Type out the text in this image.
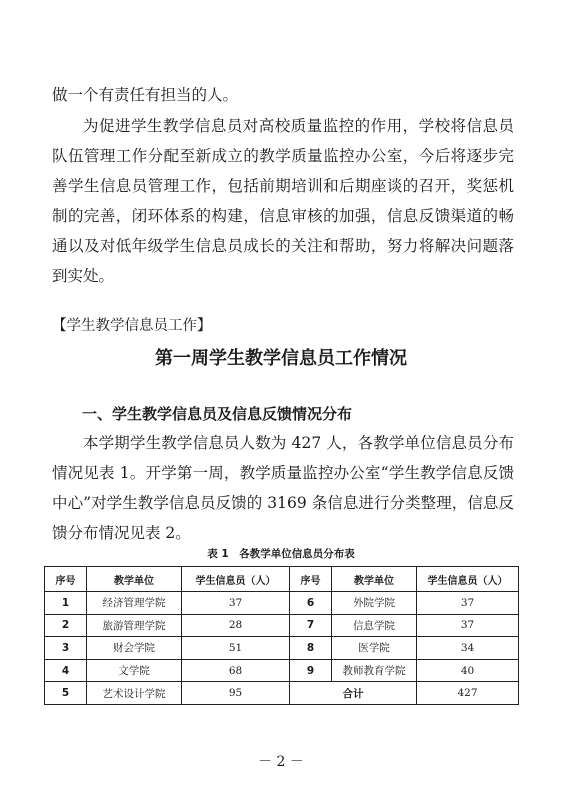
做一个有责任有担当的人。

为促进学生教学信息员对高校质量监控的作用，学校将信息员队伍管理工作分配至新成立的教学质量监控办公室，今后将逐步完善学生信息员管理工作，包括前期培训和后期座谈的召开，奖惩机制的完善，闭环体系的构建，信息审核的加强，信息反馈渠道的畅通以及对低年级学生信息员成长的关注和帮助，努力将解决问题落到实处。

【学生教学信息员工作】
第一周学生教学信息员工作情况
一、学生教学信息员及信息反馈情况分布

本学期学生教学信息员人数为 427 人，各教学单位信息员分布情况见表 1。开学第一周，教学质量监控办公室“学生教学信息反馈中心”对学生教学信息员反馈的 3169 条信息进行分类整理，信息反馈分布情况见表 2。

表 1　各教学单位信息员分布表
序号	教学单位	学生信息员（人）	序号	教学单位	学生信息员（人）
1	经济管理学院	37	6	外院学院	37
2	旅游管理学院	28	7	信息学院	37
3	财会学院	51	8	医学院	34
4	文学院	68	9	教师教育学院	40
5	艺术设计学院	95	合计		427
－ 2 －
